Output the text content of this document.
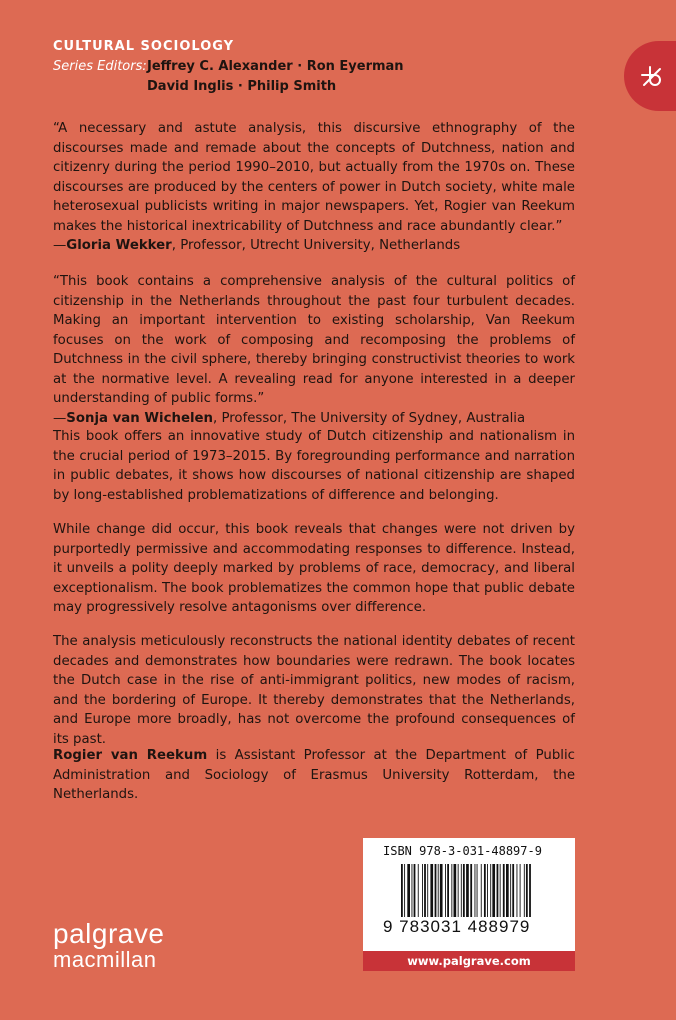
CULTURAL SOCIOLOGY
Series Editors: Jeffrey C. Alexander · Ron Eyerman
David Inglis · Philip Smith

“A necessary and astute analysis, this discursive ethnography of the discourses made and remade about the concepts of Dutchness, nation and citizenry during the period 1990–2010, but actually from the 1970s on. These discourses are produced by the centers of power in Dutch society, white male heterosexual publicists writing in major newspapers. Yet, Rogier van Reekum makes the historical inextricability of Dutchness and race abundantly clear.”

—Gloria Wekker, Professor, Utrecht University, Netherlands

“This book contains a comprehensive analysis of the cultural politics of citizenship in the Netherlands throughout the past four turbulent decades. Making an important intervention to existing scholarship, Van Reekum focuses on the work of composing and recomposing the problems of Dutchness in the civil sphere, thereby bringing constructivist theories to work at the normative level. A revealing read for anyone interested in a deeper understanding of public forms.”

—Sonja van Wichelen, Professor, The University of Sydney, Australia

This book offers an innovative study of Dutch citizenship and nationalism in the crucial period of 1973–2015. By foregrounding performance and narration in public debates, it shows how discourses of national citizenship are shaped by long-established problematizations of difference and belonging.

While change did occur, this book reveals that changes were not driven by purportedly permissive and accommodating responses to difference. Instead, it unveils a polity deeply marked by problems of race, democracy, and liberal exceptionalism. The book problematizes the common hope that public debate may progressively resolve antagonisms over difference.

The analysis meticulously reconstructs the national identity debates of recent decades and demonstrates how boundaries were redrawn. The book locates the Dutch case in the rise of anti-immigrant politics, new modes of racism, and the bordering of Europe. It thereby demonstrates that the Netherlands, and Europe more broadly, has not overcome the profound consequences of its past.

Rogier van Reekum is Assistant Professor at the Department of Public Administration and Sociology of Erasmus University Rotterdam, the Netherlands.

palgrave
macmillan
ISBN 978-3-031-48897-9
9 783031 488979
www.palgrave.com
